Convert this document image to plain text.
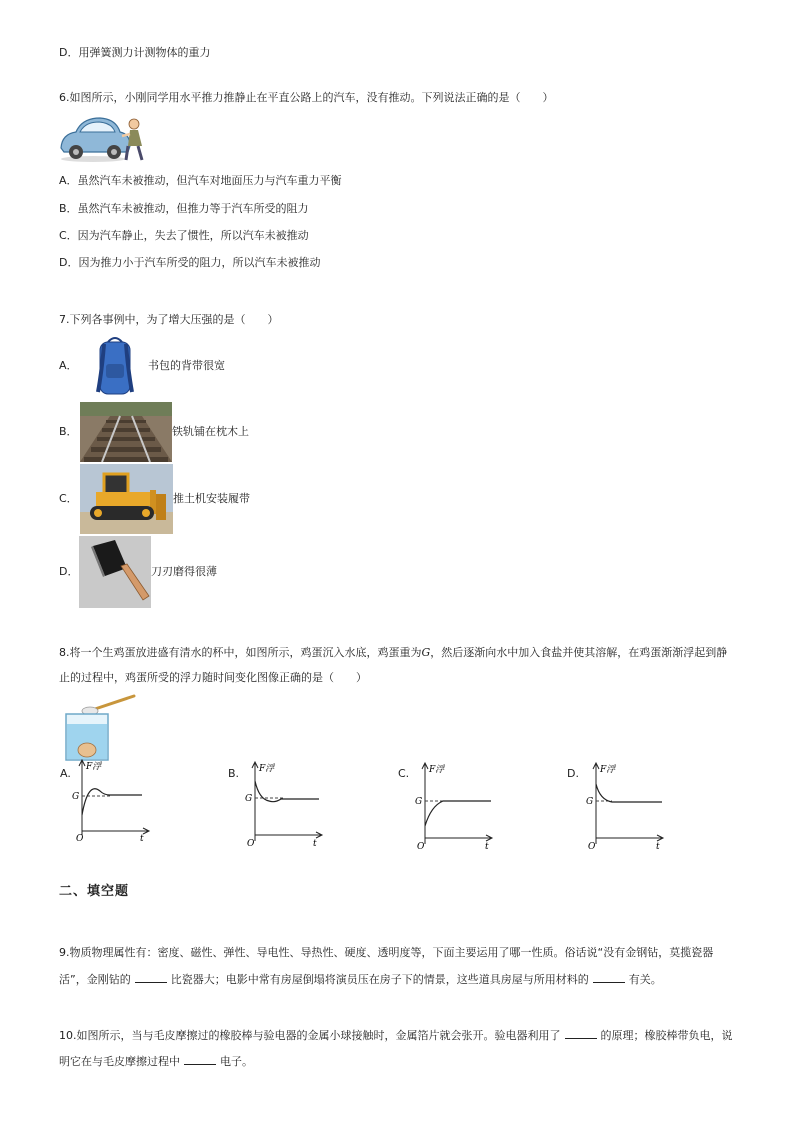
D．用弹簧测力计测物体的重力
6.如图所示，小刚同学用水平推力推静止在平直公路上的汽车，没有推动。下列说法正确的是（　　）
A．虽然汽车未被推动，但汽车对地面压力与汽车重力平衡
B．虽然汽车未被推动，但推力等于汽车所受的阻力
C．因为汽车静止，失去了惯性，所以汽车未被推动
D．因为推力小于汽车所受的阻力，所以汽车未被推动
7.下列各事例中，为了增大压强的是（　　）
A．	书包的背带很宽
B．	铁轨铺在枕木上
C．	推土机安装履带
D．	刀刃磨得很薄
8.将一个生鸡蛋放进盛有清水的杯中，如图所示，鸡蛋沉入水底，鸡蛋重为G，然后逐渐向水中加入食盐并使其溶解，在鸡蛋渐渐浮起到静
止的过程中，鸡蛋所受的浮力随时间变化图像正确的是（　　）
A. F浮
G
O	t
B. F浮
G
O	t
C. F浮
G
O	t
D. F浮
G
O	t
二、填空题
9.物质物理属性有：密度、磁性、弹性、导电性、导热性、硬度、透明度等，下面主要运用了哪一性质。俗话说“没有金钢钻，莫揽瓷器
活”，金刚钻的	比瓷器大；电影中常有房屋倒塌将演员压在房子下的情景，这些道具房屋与所用材料的	有关。
10.如图所示，当与毛皮摩擦过的橡胶棒与验电器的金属小球接触时，金属箔片就会张开。验电器利用了	的原理；橡胶棒带负电，说
明它在与毛皮摩擦过程中	电子。
